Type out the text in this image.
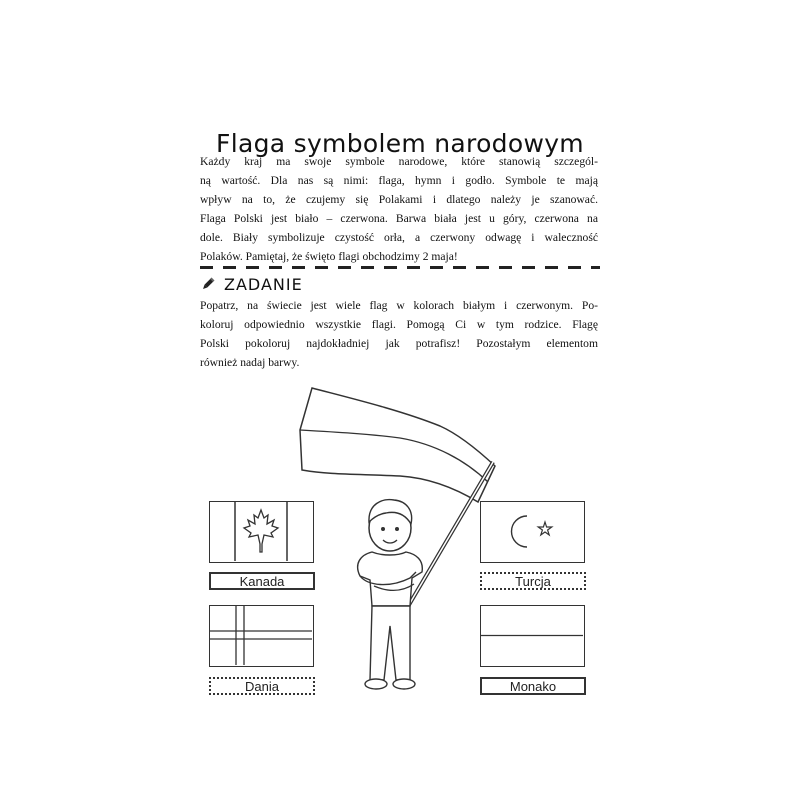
Flaga symbolem narodowym

Każdy kraj ma swoje symbole narodowe, które stanowią szczegól-
ną wartość. Dla nas są nimi: flaga, hymn i godło. Symbole te mają
wpływ na to, że czujemy się Polakami i dlatego należy je szanować.
Flaga Polski jest biało – czerwona. Barwa biała jest u góry, czerwona na
dole. Biały symbolizuje czystość orła, a czerwony odwagę i waleczność
Polaków. Pamiętaj, że święto flagi obchodzimy 2 maja!

ZADANIE

Popatrz, na świecie jest wiele flag w kolorach białym i czerwonym. Po-
koloruj odpowiednio wszystkie flagi. Pomogą Ci w tym rodzice. Flagę
Polski pokoloruj najdokładniej jak potrafisz! Pozostałym elementom
również nadaj barwy.

Kanada	Turcja
Dania	Monako
